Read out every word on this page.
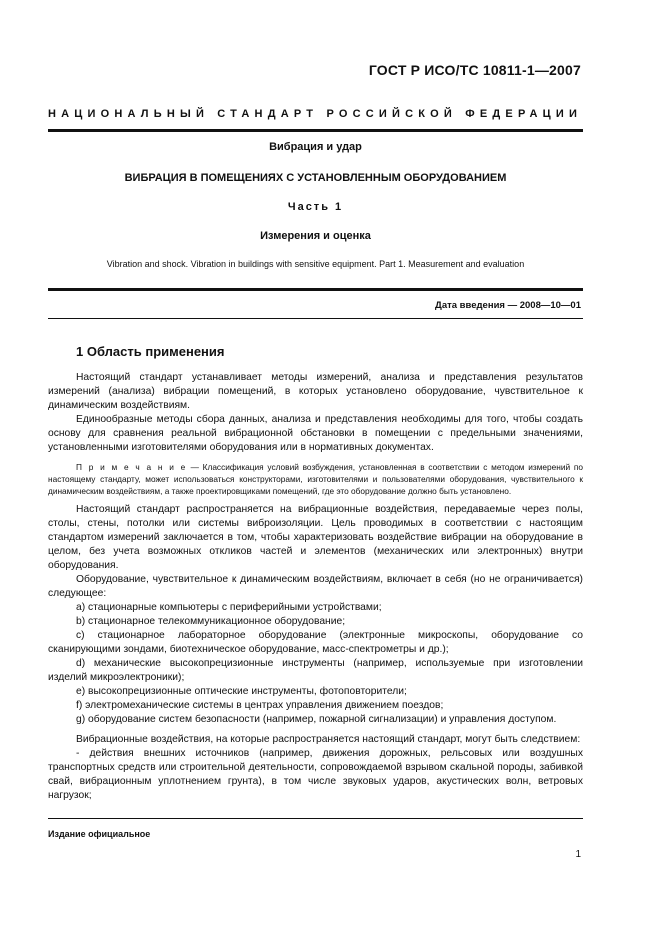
ГОСТ Р ИСО/ТС 10811-1—2007
НАЦИОНАЛЬНЫЙ СТАНДАРТ РОССИЙСКОЙ ФЕДЕРАЦИИ
Вибрация и удар
ВИБРАЦИЯ В ПОМЕЩЕНИЯХ С УСТАНОВЛЕННЫМ ОБОРУДОВАНИЕМ
Часть 1
Измерения и оценка
Vibration and shock. Vibration in buildings with sensitive equipment. Part 1. Measurement and evaluation
Дата введения — 2008—10—01
1 Область применения

Настоящий стандарт устанавливает методы измерений, анализа и представления результатов измерений (анализа) вибрации помещений, в которых установлено оборудование, чувствительное к динамическим воздействиям.

Единообразные методы сбора данных, анализа и представления необходимы для того, чтобы создать основу для сравнения реальной вибрационной обстановки в помещении с предельными значениями, установленными изготовителями оборудования или в нормативных документах.

П р и м е ч а н и е — Классификация условий возбуждения, установленная в соответствии с методом измерений по настоящему стандарту, может использоваться конструкторами, изготовителями и пользователями оборудования, чувствительного к динамическим воздействиям, а также проектировщиками помещений, где это оборудование должно быть установлено.

Настоящий стандарт распространяется на вибрационные воздействия, передаваемые через полы, столы, стены, потолки или системы виброизоляции. Цель проводимых в соответствии с настоящим стандартом измерений заключается в том, чтобы характеризовать воздействие вибрации на оборудование в целом, без учета возможных откликов частей и элементов (механических или электронных) внутри оборудования.

Оборудование, чувствительное к динамическим воздействиям, включает в себя (но не ограничивается) следующее:

а) стационарные компьютеры с периферийными устройствами;

b) стационарное телекоммуникационное оборудование;

с) стационарное лабораторное оборудование (электронные микроскопы, оборудование со сканирующими зондами, биотехническое оборудование, масс-спектрометры и др.);

d) механические высокопрецизионные инструменты (например, используемые при изготовлении изделий микроэлектроники);

е) высокопрецизионные оптические инструменты, фотоповторители;

f) электромеханические системы в центрах управления движением поездов;

g) оборудование систем безопасности (например, пожарной сигнализации) и управления доступом.

Вибрационные воздействия, на которые распространяется настоящий стандарт, могут быть следствием:

- действия внешних источников (например, движения дорожных, рельсовых или воздушных транспортных средств или строительной деятельности, сопровождаемой взрывом скальной породы, забивкой свай, вибрационным уплотнением грунта), в том числе звуковых ударов, акустических волн, ветровых нагрузок;

Издание официальное
1
